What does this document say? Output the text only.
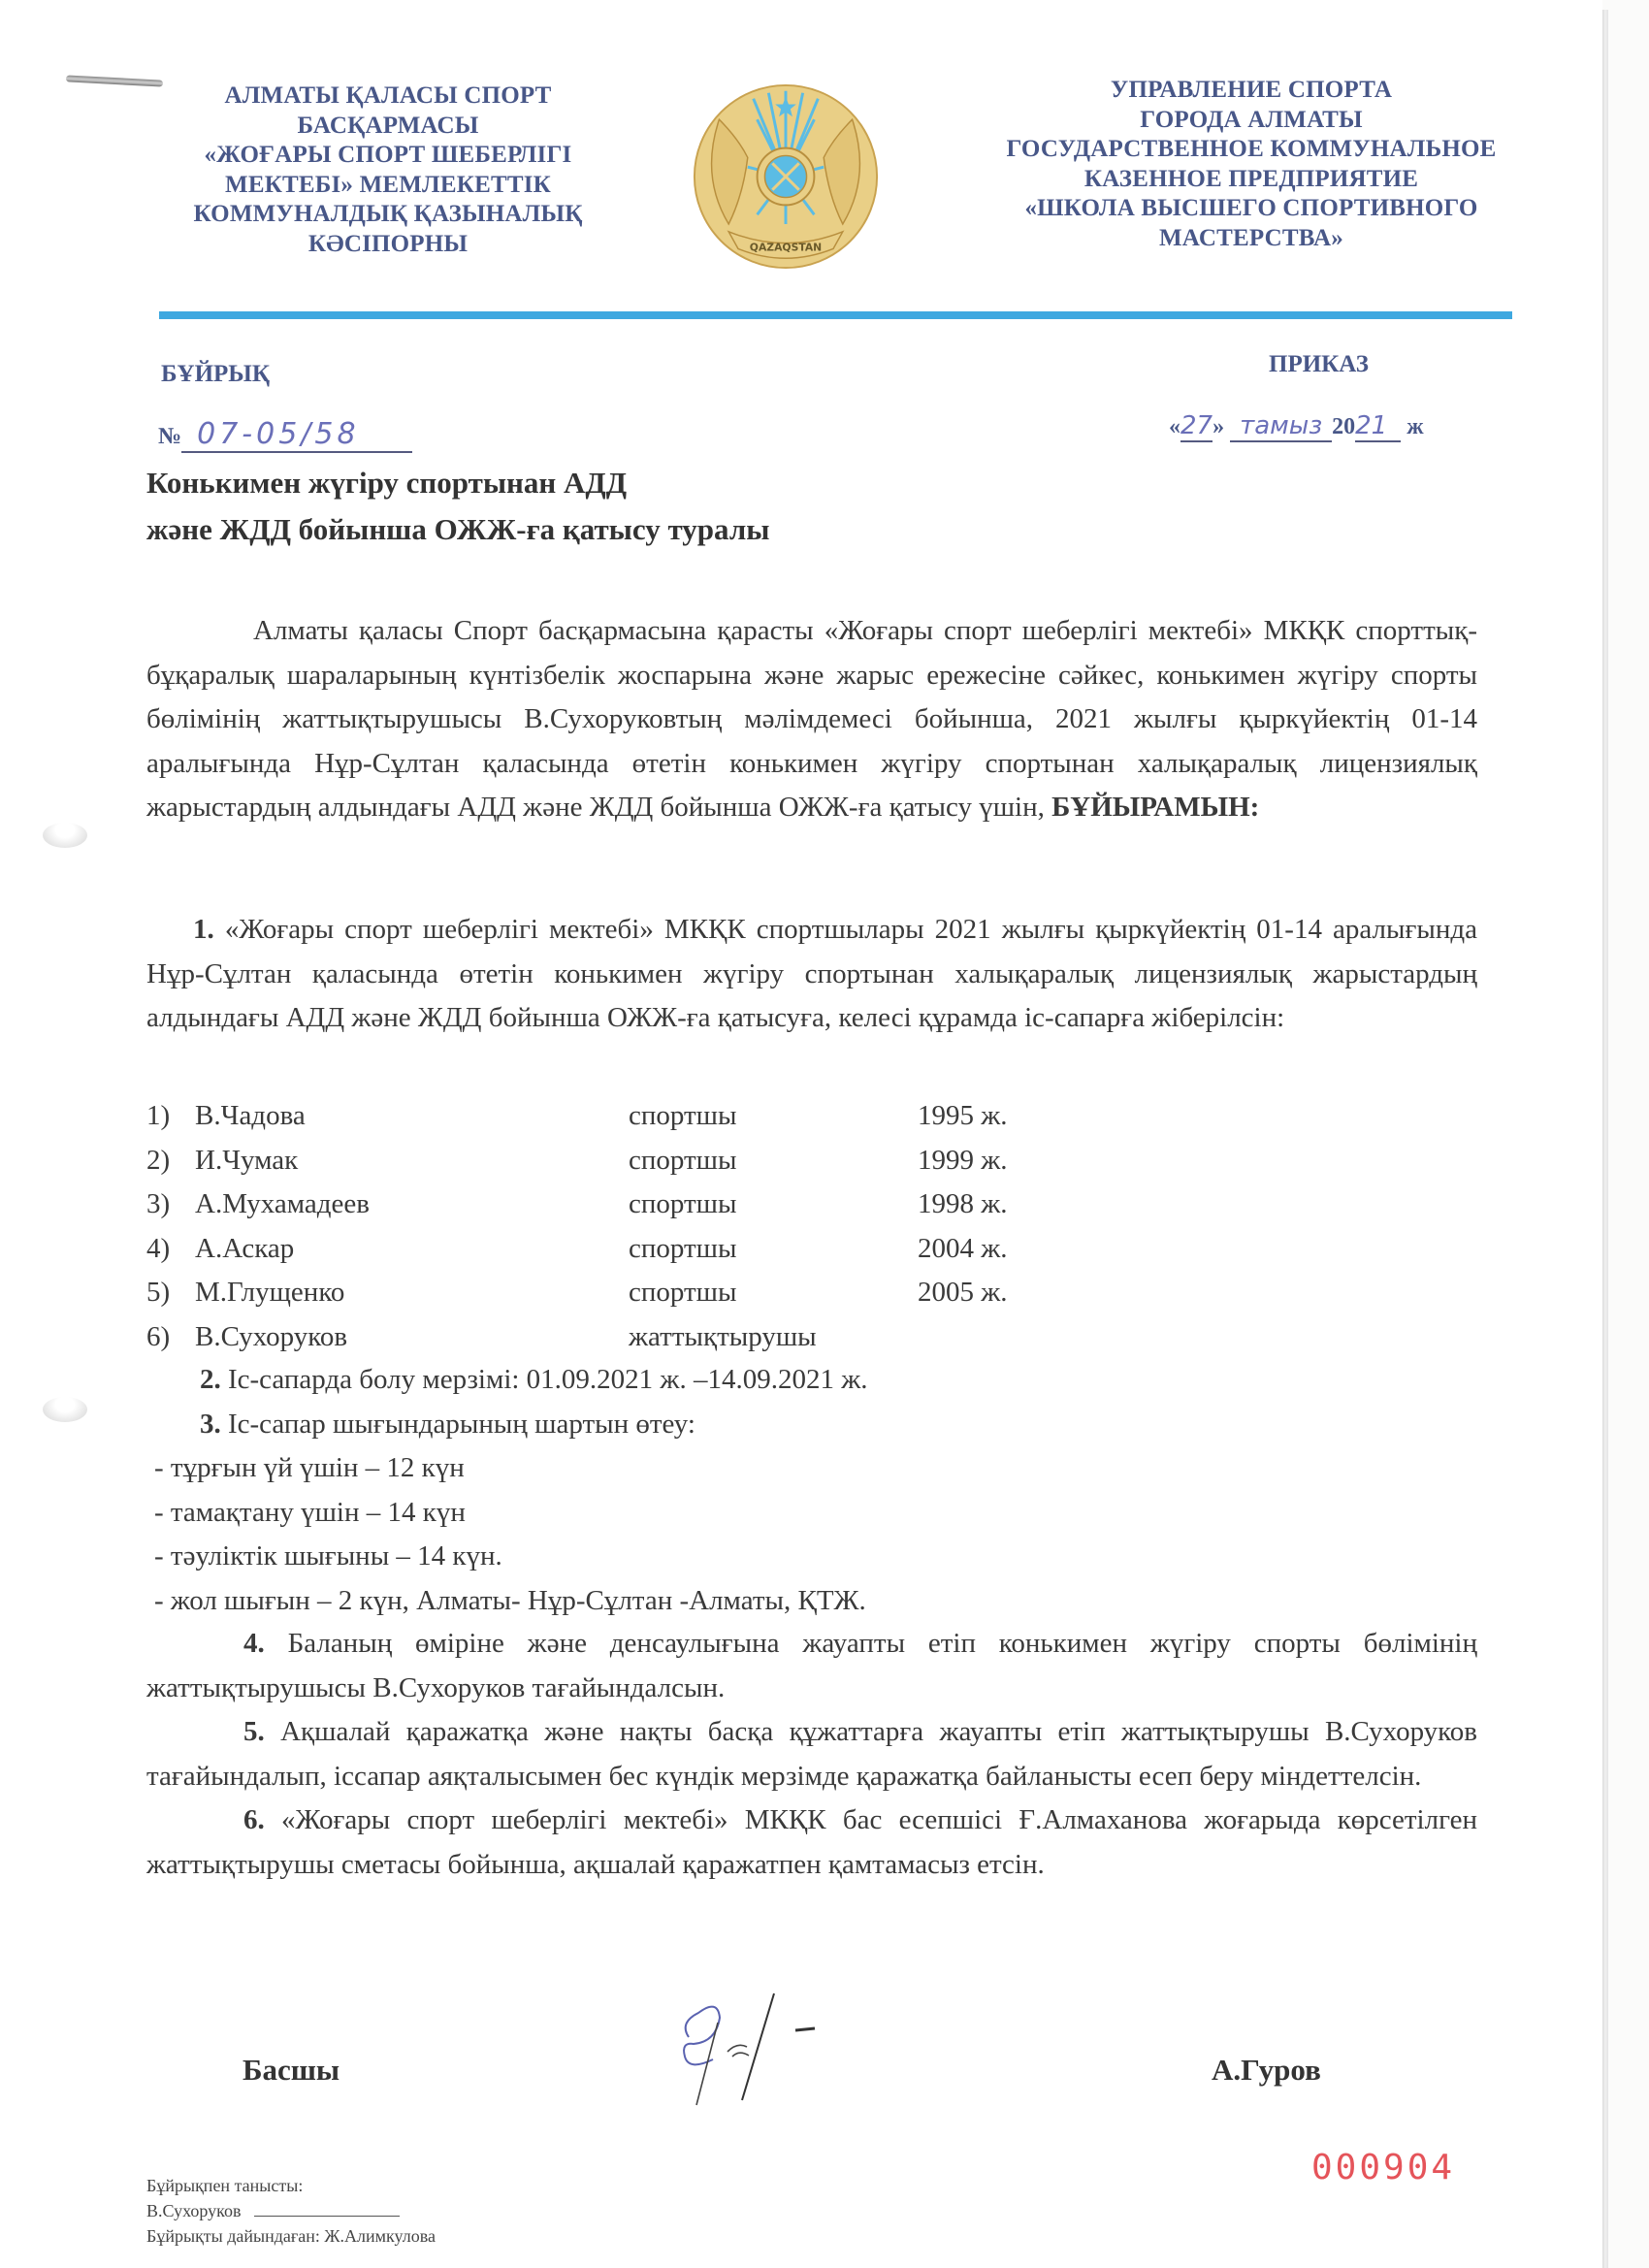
АЛМАТЫ ҚАЛАСЫ СПОРТ
БАСҚАРМАСЫ
«ЖОҒАРЫ СПОРТ ШЕБЕРЛІГІ
МЕКТЕБІ» МЕМЛЕКЕТТІК
КОММУНАЛДЫҚ ҚАЗЫНАЛЫҚ
КӘСІПОРНЫ	QAZAQSTAN
УПРАВЛЕНИЕ СПОРТА
ГОРОДА АЛМАТЫ
ГОСУДАРСТВЕННОЕ КОММУНАЛЬНОЕ
КАЗЕННОЕ ПРЕДПРИЯТИЕ
«ШКОЛА ВЫСШЕГО СПОРТИВНОГО
МАСТЕРСТВА»
БҰЙРЫҚ	ПРИКАЗ
№ 07-05/58	«27» тамыз 2021 ж
Конькимен жүгіру спортынан АДД
және ЖДД бойынша ОЖЖ-ға қатысу туралы
Алматы қаласы Спорт басқармасына қарасты «Жоғары спорт шеберлігі мектебі» МКҚК спорттық-бұқаралық шараларының күнтізбелік жоспарына және жарыс ережесіне сәйкес, конькимен жүгіру спорты бөлімінің жаттықтырушысы В.Сухоруковтың мәлімдемесі бойынша, 2021 жылғы қыркүйектің 01-14 аралығында Нұр-Сұлтан қаласында өтетін конькимен жүгіру спортынан халықаралық лицензиялық жарыстардың алдындағы АДД және ЖДД бойынша ОЖЖ-ға қатысу үшін, БҰЙЫРАМЫН:
1. «Жоғары спорт шеберлігі мектебі» МКҚК спортшылары 2021 жылғы қыркүйектің 01-14 аралығында Нұр-Сұлтан қаласында өтетін конькимен жүгіру спортынан халықаралық лицензиялық жарыстардың алдындағы АДД және ЖДД бойынша ОЖЖ-ға қатысуға, келесі құрамда іс-сапарға жіберілсін:
1) В.Чадова	спортшы	1995 ж.
2) И.Чумак	спортшы	1999 ж.
3) А.Мухамадеев	спортшы	1998 ж.
4) А.Аскар	спортшы	2004 ж.
5) М.Глущенко	спортшы	2005 ж.
6) В.Сухоруков	жаттықтырушы
2. Іс-сапарда болу мерзімі: 01.09.2021 ж. –14.09.2021 ж.
3. Іс-сапар шығындарының шартын өтеу:
- тұрғын үй үшін – 12 күн
- тамақтану үшін – 14 күн
- тәуліктік шығыны – 14 күн.
- жол шығын – 2 күн, Алматы- Нұр-Сұлтан -Алматы, ҚТЖ.
4. Баланың өміріне және денсаулығына жауапты етіп конькимен жүгіру спорты бөлімінің жаттықтырушысы В.Сухоруков тағайындалсын.
5. Ақшалай қаражатқа және нақты басқа құжаттарға жауапты етіп жаттықтырушы В.Сухоруков тағайындалып, іссапар аяқталысымен бес күндік мерзімде қаражатқа байланысты есеп беру міндеттелсін.
6. «Жоғары спорт шеберлігі мектебі» МКҚК бас есепшісі Ғ.Алмаханова жоғарыда көрсетілген жаттықтырушы сметасы бойынша, ақшалай қаражатпен қамтамасыз етсін.
Басшы	А.Гуров
000904
Бұйрықпен танысты:
В.Сухоруков
Бұйрықты дайындаған: Ж.Алимкулова
